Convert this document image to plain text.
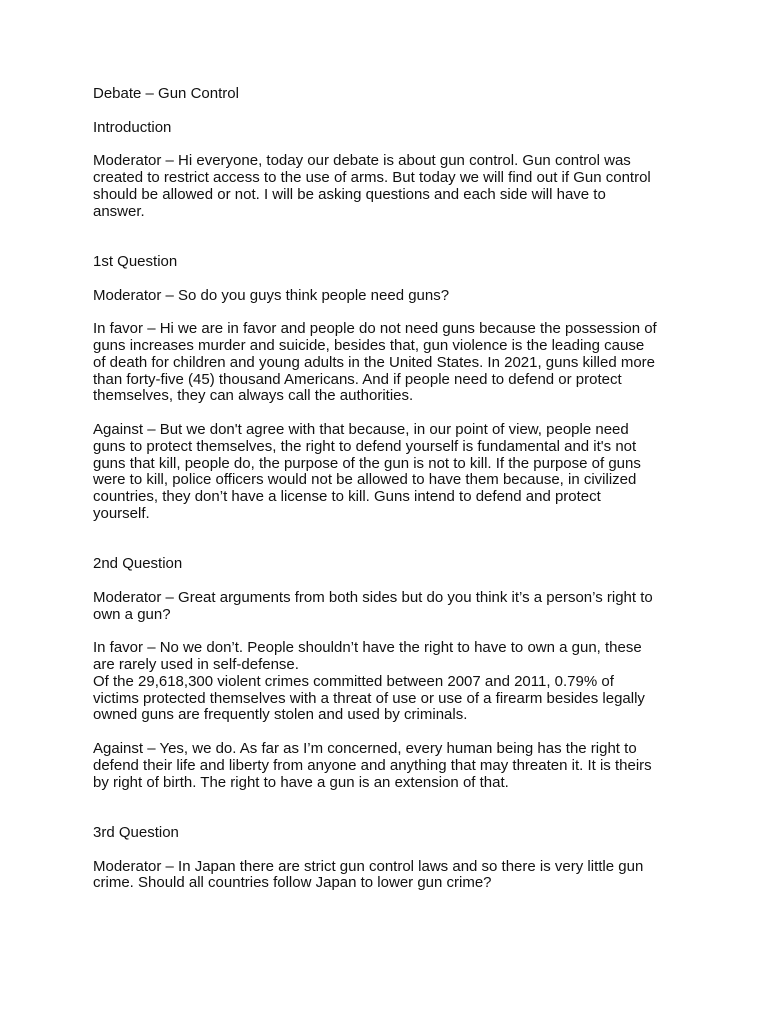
Debate – Gun Control
Introduction
Moderator – Hi everyone, today our debate is about gun control. Gun control was
created to restrict access to the use of arms. But today we will find out if Gun control
should be allowed or not. I will be asking questions and each side will have to
answer.
1st Question
Moderator – So do you guys think people need guns?
In favor – Hi we are in favor and people do not need guns because the possession of
guns increases murder and suicide, besides that, gun violence is the leading cause
of death for children and young adults in the United States. In 2021, guns killed more
than forty-five (45) thousand Americans. And if people need to defend or protect
themselves, they can always call the authorities.
Against – But we don't agree with that because, in our point of view, people need
guns to protect themselves, the right to defend yourself is fundamental and it's not
guns that kill, people do, the purpose of the gun is not to kill. If the purpose of guns
were to kill, police officers would not be allowed to have them because, in civilized
countries, they don’t have a license to kill. Guns intend to defend and protect
yourself.
2nd Question
Moderator – Great arguments from both sides but do you think it’s a person’s right to
own a gun?
In favor – No we don’t. People shouldn’t have the right to have to own a gun, these
are rarely used in self-defense.
Of the 29,618,300 violent crimes committed between 2007 and 2011, 0.79% of
victims protected themselves with a threat of use or use of a firearm besides legally
owned guns are frequently stolen and used by criminals.
Against – Yes, we do. As far as I’m concerned, every human being has the right to
defend their life and liberty from anyone and anything that may threaten it. It is theirs
by right of birth. The right to have a gun is an extension of that.
3rd Question
Moderator – In Japan there are strict gun control laws and so there is very little gun
crime. Should all countries follow Japan to lower gun crime?
